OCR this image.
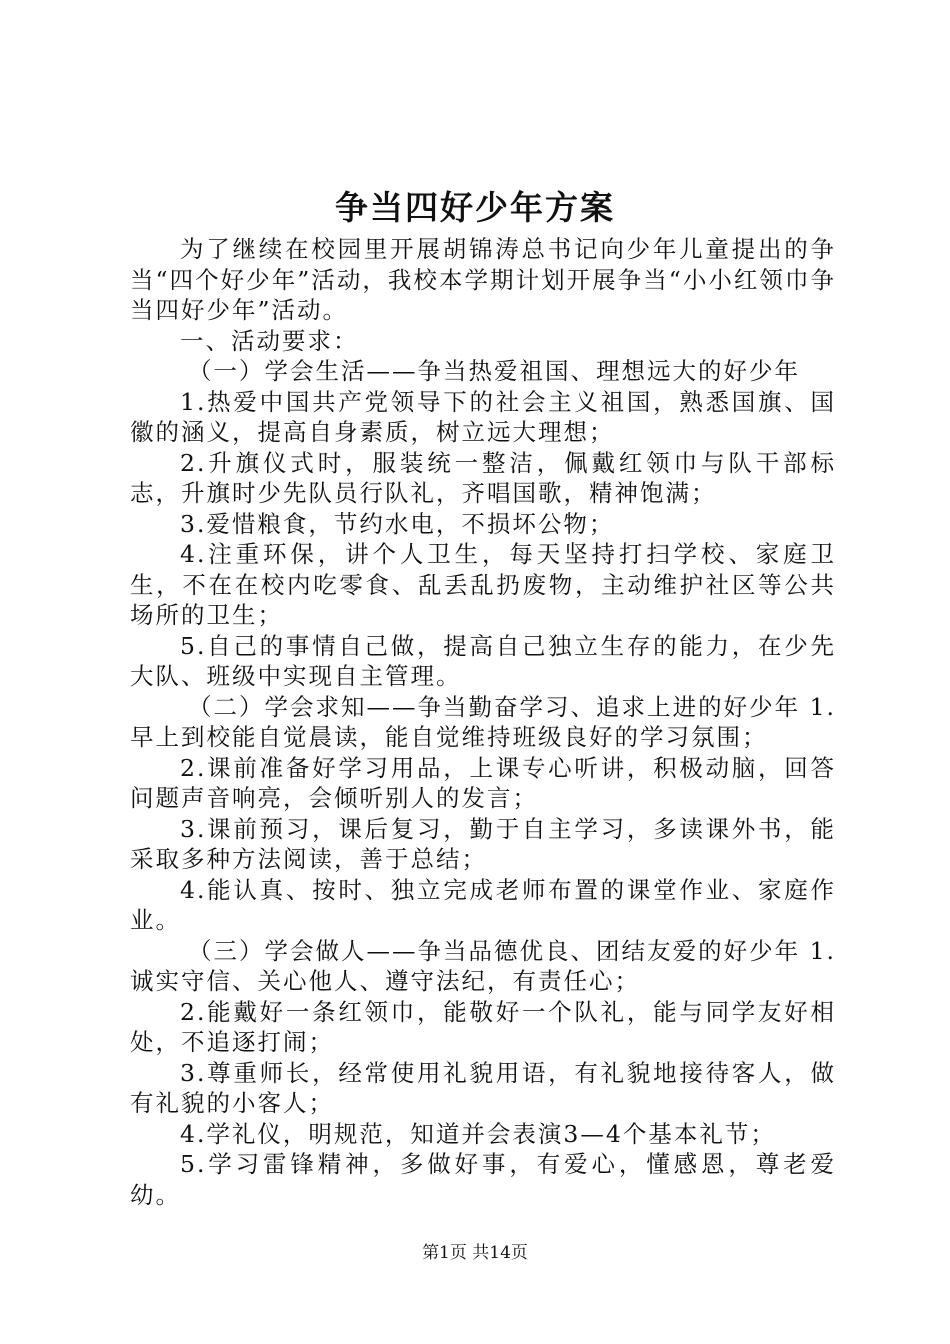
争当四好少年方案

为了继续在校园里开展胡锦涛总书记向少年儿童提出的争当“四个好少年”活动，我校本学期计划开展争当“小小红领巾争当四好少年”活动。

一、活动要求：

（一）学会生活——争当热爱祖国、理想远大的好少年

1.热爱中国共产党领导下的社会主义祖国，熟悉国旗、国徽的涵义，提高自身素质，树立远大理想；

2.升旗仪式时，服装统一整洁，佩戴红领巾与队干部标志，升旗时少先队员行队礼，齐唱国歌，精神饱满；

3.爱惜粮食，节约水电，不损坏公物；

4.注重环保，讲个人卫生，每天坚持打扫学校、家庭卫生，不在在校内吃零食、乱丢乱扔废物，主动维护社区等公共场所的卫生；

5.自己的事情自己做，提高自己独立生存的能力，在少先大队、班级中实现自主管理。

（二）学会求知——争当勤奋学习、追求上进的好少年 1.早上到校能自觉晨读，能自觉维持班级良好的学习氛围；

2.课前准备好学习用品，上课专心听讲，积极动脑，回答问题声音响亮，会倾听别人的发言；

3.课前预习，课后复习，勤于自主学习，多读课外书，能采取多种方法阅读，善于总结；

4.能认真、按时、独立完成老师布置的课堂作业、家庭作业。

（三）学会做人——争当品德优良、团结友爱的好少年 1.诚实守信、关心他人、遵守法纪，有责任心；

2.能戴好一条红领巾，能敬好一个队礼，能与同学友好相处，不追逐打闹；

3.尊重师长，经常使用礼貌用语，有礼貌地接待客人，做有礼貌的小客人；

4.学礼仪，明规范，知道并会表演3—4个基本礼节；

5.学习雷锋精神，多做好事，有爱心，懂感恩，尊老爱幼。

第1页 共14页
